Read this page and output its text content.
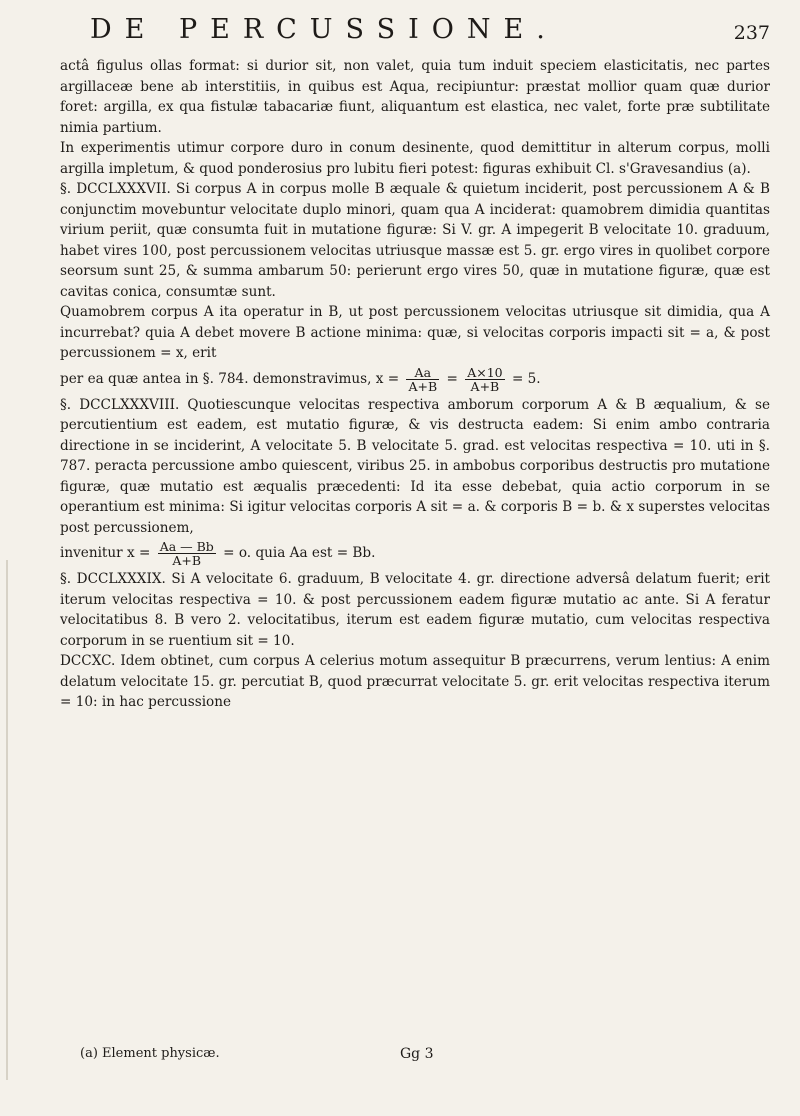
DE PERCUSSIONE.	237

actâ figulus ollas format: si durior sit, non valet, quia tum induit speciem elasticitatis, nec partes argillaceæ bene ab interstitiis, in quibus est Aqua, recipiuntur: præstat mollior quam quæ durior foret: argilla, ex qua fistulæ tabacariæ fiunt, aliquantum est elastica, nec valet, forte præ subtilitate nimia partium.

In experimentis utimur corpore duro in conum desinente, quod demittitur in alterum corpus, molli argilla impletum, & quod ponderosius pro lubitu fieri potest: figuras exhibuit Cl. s'Gravesandius (a).

§. DCCLXXXVII. Si corpus A in corpus molle B æquale & quietum inciderit, post percussionem A & B conjunctim movebuntur velocitate duplo minori, quam qua A inciderat: quamobrem dimidia quantitas virium periit, quæ consumta fuit in mutatione figuræ: Si V. gr. A impegerit B velocitate 10. graduum, habet vires 100, post percussionem velocitas utriusque massæ est 5. gr. ergo vires in quolibet corpore seorsum sunt 25, & summa ambarum 50: perierunt ergo vires 50, quæ in mutatione figuræ, quæ est cavitas conica, consumtæ sunt.

Quamobrem corpus A ita operatur in B, ut post percussionem velocitas utriusque sit dimidia, qua A incurrebat? quia A debet movere B actione minima: quæ, si velocitas corporis impacti sit = a, & post percussionem = x, erit
per ea quæ antea in §. 784. demonstravimus, $x = \frac{Aa}{A+B} = \frac{A\times 10}{A+B} = 5$.

§. DCCLXXXVIII. Quotiescunque velocitas respectiva amborum corporum A & B æqualium, & se percutientium est eadem, est mutatio figuræ, & vis destructa eadem: Si enim ambo contraria directione in se inciderint, A velocitate 5. B velocitate 5. grad. est velocitas respectiva = 10. uti in §. 787. peracta percussione ambo quiescent, viribus 25. in ambobus corporibus destructis pro mutatione figuræ, quæ mutatio est æqualis præcedenti: Id ita esse debebat, quia actio corporum in se operantium est minima: Si igitur velocitas corporis A sit = a. & corporis B = b. & x superstes velocitas post percussionem,
invenitur $x = \frac{Aa — Bb}{A+B} = o$. quia Aa est = Bb.

§. DCCLXXXIX. Si A velocitate 6. graduum, B velocitate 4. gr. directione adversâ delatum fuerit; erit iterum velocitas respectiva = 10. & post percussionem eadem figuræ mutatio ac ante. Si A feratur velocitatibus 8. B vero 2. velocitatibus, iterum est eadem figuræ mutatio, cum velocitas respectiva corporum in se ruentium sit = 10.

DCCXC. Idem obtinet, cum corpus A celerius motum assequitur B præcurrens, verum lentius: A enim delatum velocitate 15. gr. percutiat B, quod præcurrat velocitate 5. gr. erit velocitas respectiva iterum = 10: in hac percussione

(a) Element physicæ.	Gg 3
